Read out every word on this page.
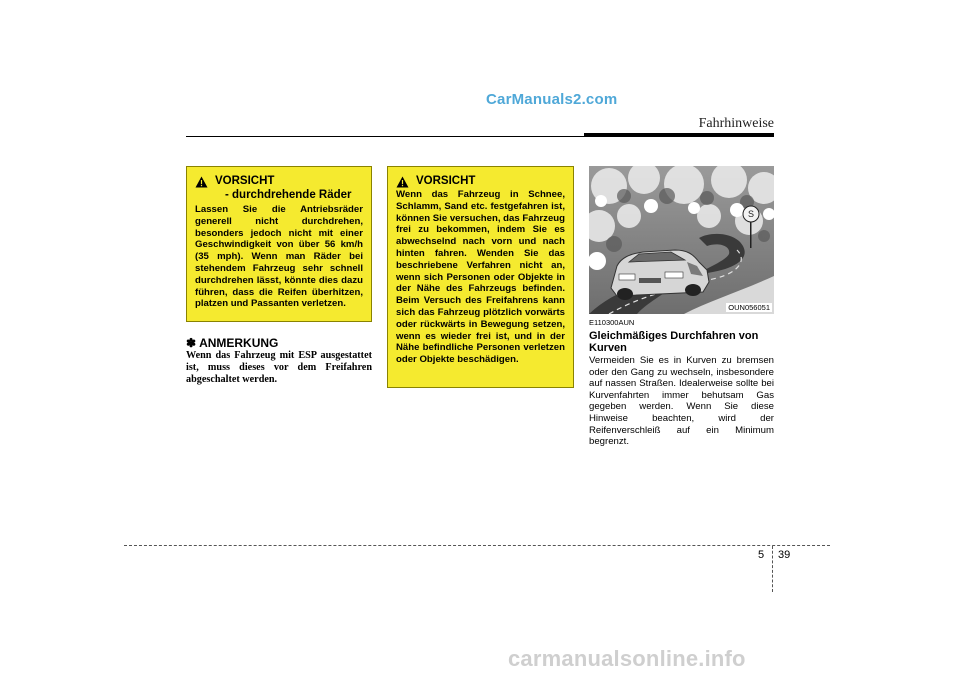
CarManuals2.com
Fahrhinweise
VORSICHT
- durchdrehende Räder
Lassen Sie die Antriebsräder generell nicht durchdrehen, besonders jedoch nicht mit einer Geschwindigkeit von über 56 km/h (35 mph). Wenn man Räder bei stehendem Fahrzeug sehr schnell durchdrehen lässt, könnte dies dazu führen, dass die Reifen überhitzen, platzen und Passanten verletzen.
✽ ANMERKUNG
Wenn das Fahrzeug mit ESP ausgestattet ist, muss dieses vor dem Freifahren abgeschaltet werden.
VORSICHT
Wenn das Fahrzeug in Schnee, Schlamm, Sand etc. festgefahren ist, können Sie versuchen, das Fahrzeug frei zu bekommen, indem Sie es abwechselnd nach vorn und nach hinten fahren. Wenden Sie das beschriebene Verfahren nicht an, wenn sich Personen oder Objekte in der Nähe des Fahrzeugs befinden. Beim Versuch des Freifahrens kann sich das Fahrzeug plötzlich vorwärts oder rückwärts in Bewegung setzen, wenn es wieder frei ist, und in der Nähe befindliche Personen verletzen oder Objekte beschädigen.
S
OUN056051
E110300AUN
Gleichmäßiges Durchfahren von Kurven
Vermeiden Sie es in Kurven zu bremsen oder den Gang zu wechseln, insbesondere auf nassen Straßen. Idealerweise sollte bei Kurvenfahrten immer behutsam Gas gegeben werden. Wenn Sie diese Hinweise beachten, wird der Reifenverschleiß auf ein Minimum begrenzt.
5 39
carmanualsonline.info
